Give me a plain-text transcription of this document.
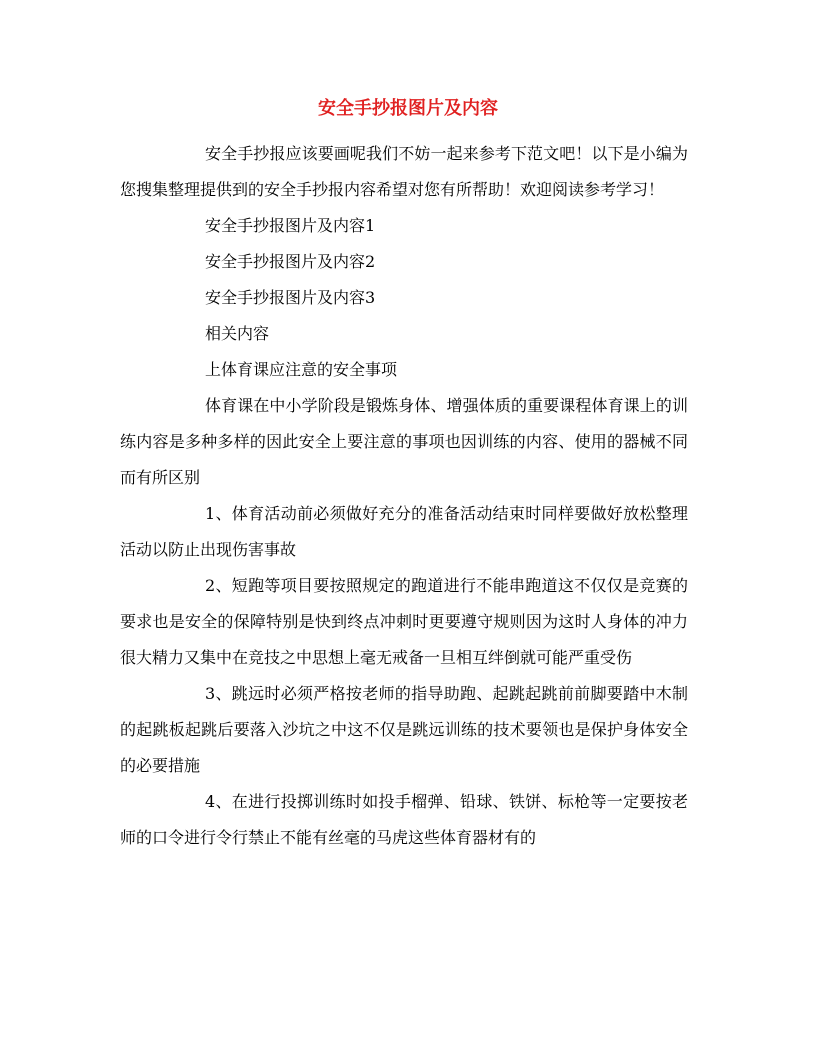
安全手抄报图片及内容

安全手抄报应该要画呢我们不妨一起来参考下范文吧！以下是小编为您搜集整理提供到的安全手抄报内容希望对您有所帮助！欢迎阅读参考学习！

安全手抄报图片及内容1

安全手抄报图片及内容2

安全手抄报图片及内容3

相关内容

上体育课应注意的安全事项

体育课在中小学阶段是锻炼身体、增强体质的重要课程体育课上的训练内容是多种多样的因此安全上要注意的事项也因训练的内容、使用的器械不同而有所区别

1、体育活动前必须做好充分的准备活动结束时同样要做好放松整理活动以防止出现伤害事故

2、短跑等项目要按照规定的跑道进行不能串跑道这不仅仅是竞赛的要求也是安全的保障特别是快到终点冲刺时更要遵守规则因为这时人身体的冲力很大精力又集中在竞技之中思想上毫无戒备一旦相互绊倒就可能严重受伤

3、跳远时必须严格按老师的指导助跑、起跳起跳前前脚要踏中木制的起跳板起跳后要落入沙坑之中这不仅是跳远训练的技术要领也是保护身体安全的必要措施

4、在进行投掷训练时如投手榴弹、铅球、铁饼、标枪等一定要按老师的口令进行令行禁止不能有丝毫的马虎这些体育器材有的
